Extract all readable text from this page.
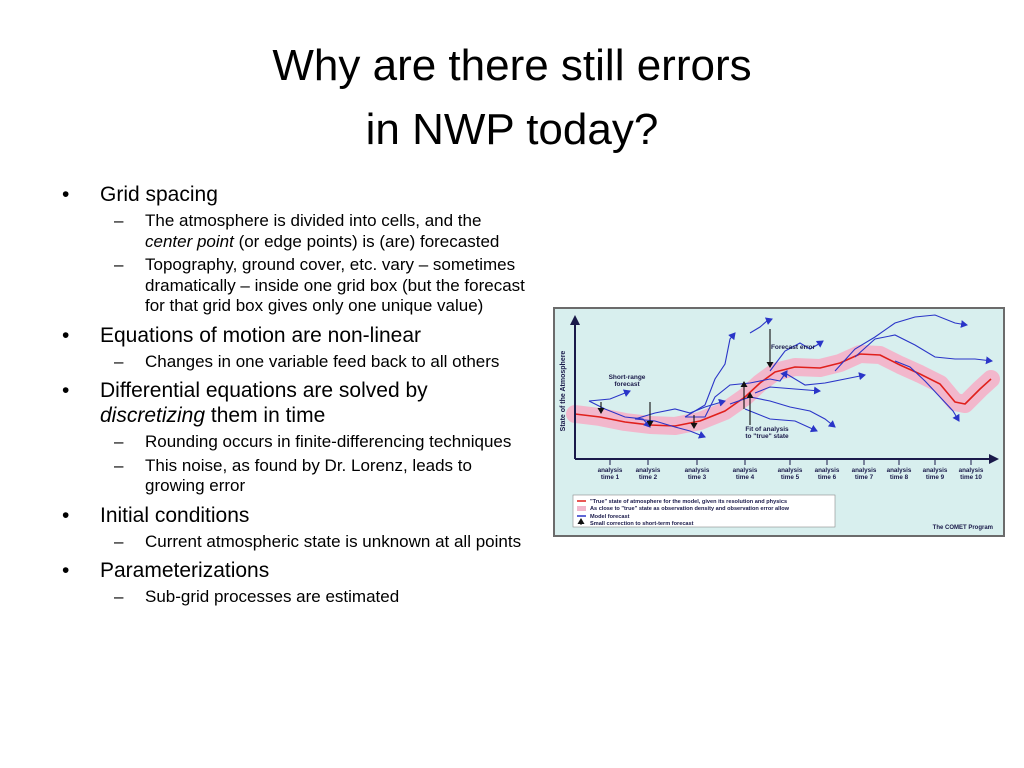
Why are there still errors
in NWP today?
• Grid spacing
– The atmosphere is divided into cells, and the center point (or edge points) is (are) forecasted
– Topography, ground cover, etc. vary – sometimes dramatically – inside one grid box (but the forecast for that grid box gives only one unique value)
• Equations of motion are non-linear
– Changes in one variable feed back to all others
• Differential equations are solved by discretizing them in time
– Rounding occurs in finite-differencing techniques
– This noise, as found by Dr. Lorenz, leads to growing error
• Initial conditions
– Current atmospheric state is unknown at all points
• Parameterizations
– Sub-grid processes are estimated
State of the Atmosphere	Short-range
forecast
Forecast error
Fit of analysis
to "true" state
analysis
time 1
analysis
time 2
analysis
time 3
analysis
time 4
analysis
time 5
analysis
time 6
analysis
time 7
analysis
time 8
analysis
time 9
analysis
time 10
"True" state of atmosphere for the model, given its resolution and physics
As close to "true" state as observation density and observation error allow
Model forecast
Small correction to short-term forecast
The COMET Program
